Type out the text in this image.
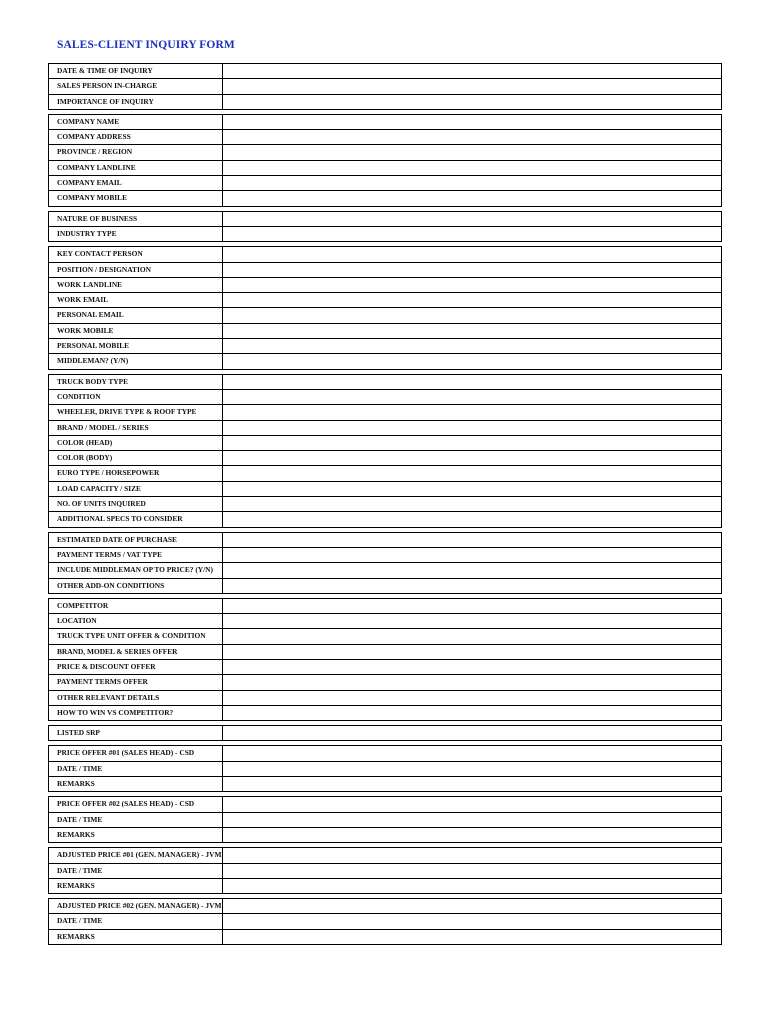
SALES-CLIENT INQUIRY FORM
DATE & TIME OF INQUIRY
SALES PERSON IN-CHARGE
IMPORTANCE OF INQUIRY
COMPANY NAME
COMPANY ADDRESS
PROVINCE / REGION
COMPANY LANDLINE
COMPANY EMAIL
COMPANY MOBILE
NATURE OF BUSINESS
INDUSTRY TYPE
KEY CONTACT PERSON
POSITION / DESIGNATION
WORK LANDLINE
WORK EMAIL
PERSONAL EMAIL
WORK MOBILE
PERSONAL MOBILE
MIDDLEMAN? (Y/N)
TRUCK BODY TYPE
CONDITION
WHEELER, DRIVE TYPE & ROOF TYPE
BRAND / MODEL / SERIES
COLOR (HEAD)
COLOR (BODY)
EURO TYPE / HORSEPOWER
LOAD CAPACITY / SIZE
NO. OF UNITS INQUIRED
ADDITIONAL SPECS TO CONSIDER
ESTIMATED DATE OF PURCHASE
PAYMENT TERMS / VAT TYPE
INCLUDE MIDDLEMAN OP TO PRICE? (Y/N)
OTHER ADD-ON CONDITIONS
COMPETITOR
LOCATION
TRUCK TYPE UNIT OFFER & CONDITION
BRAND, MODEL & SERIES OFFER
PRICE & DISCOUNT OFFER
PAYMENT TERMS OFFER
OTHER RELEVANT DETAILS
HOW TO WIN VS COMPETITOR?
LISTED SRP
PRICE OFFER #01 (SALES HEAD) - CSD
DATE / TIME
REMARKS
PRICE OFFER #02 (SALES HEAD) - CSD
DATE / TIME
REMARKS
ADJUSTED PRICE #01 (GEN. MANAGER) - JVM
DATE / TIME
REMARKS
ADJUSTED PRICE #02 (GEN. MANAGER) - JVM
DATE / TIME
REMARKS
